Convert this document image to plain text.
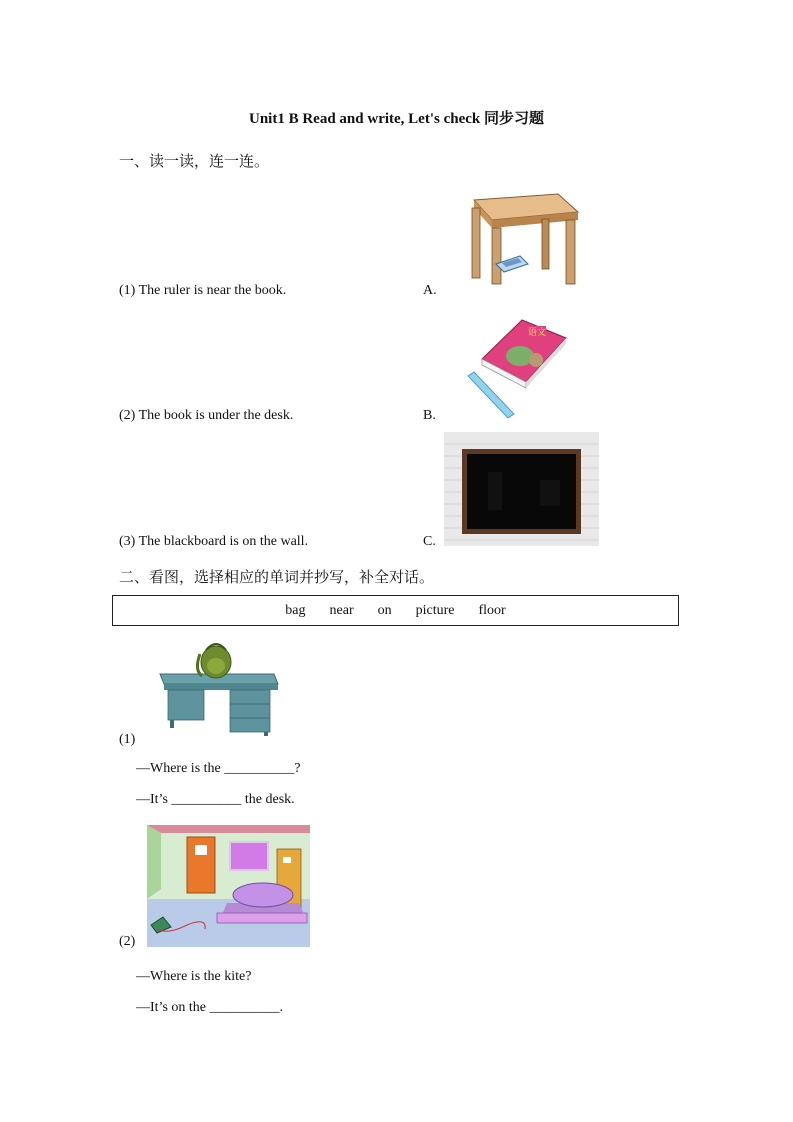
Unit1 B Read and write, Let's check 同步习题
一、读一读，连一连。
(1) The ruler is near the book.
(2) The book is under the desk.
(3) The blackboard is on the wall.
A.
B.
C.
语文
二、看图，选择相应的单词并抄写，补全对话。
bag near on picture floor
(1)
—Where is the __________?
—It’s __________ the desk.
(2)
—Where is the kite?
—It’s on the __________.
